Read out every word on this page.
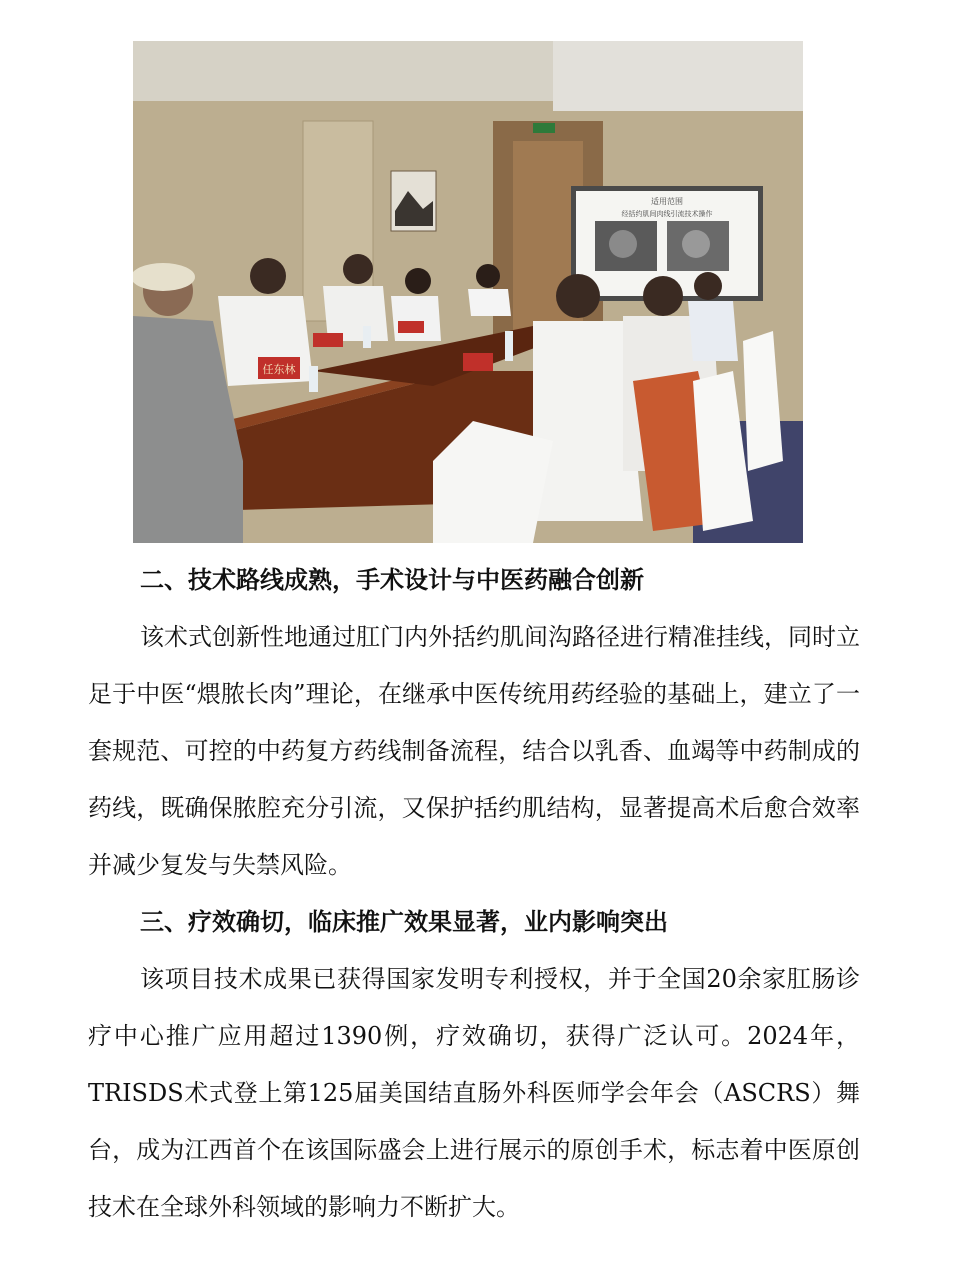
适用范围
经括约肌间肉线引流技术操作
任东林
二、技术路线成熟，手术设计与中医药融合创新

该术式创新性地通过肛门内外括约肌间沟路径进行精准挂线，同时立足于中医“煨脓长肉”理论，在继承中医传统用药经验的基础上，建立了一套规范、可控的中药复方药线制备流程，结合以乳香、血竭等中药制成的药线，既确保脓腔充分引流，又保护括约肌结构，显著提高术后愈合效率并减少复发与失禁风险。

三、疗效确切，临床推广效果显著，业内影响突出

该项目技术成果已获得国家发明专利授权，并于全国20余家肛肠诊疗中心推广应用超过1390例，疗效确切，获得广泛认可。2024年，TRISDS术式登上第125届美国结直肠外科医师学会年会（ASCRS）舞台，成为江西首个在该国际盛会上进行展示的原创手术，标志着中医原创技术在全球外科领域的影响力不断扩大。
